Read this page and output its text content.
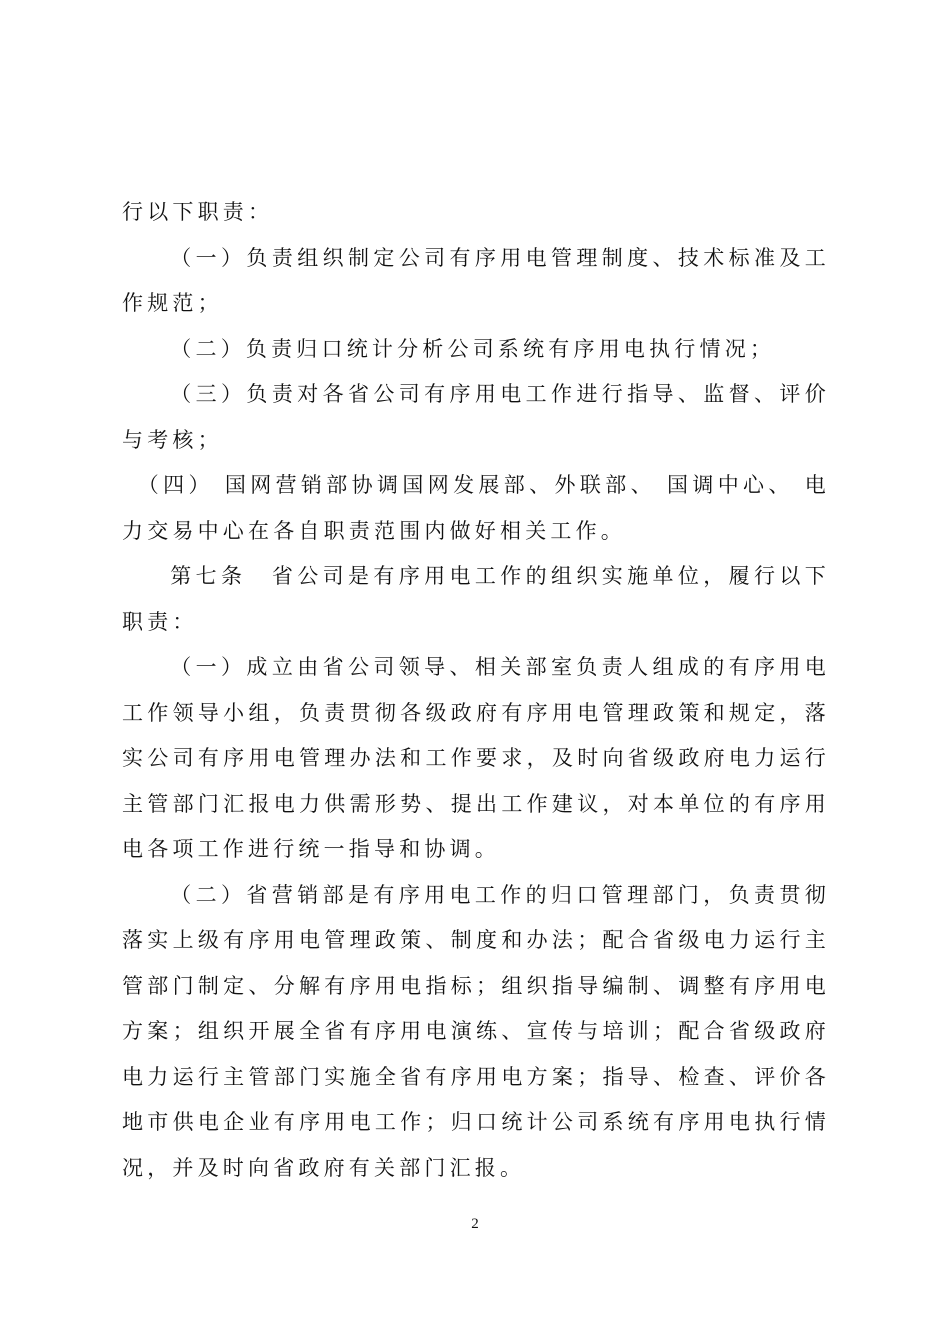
行以下职责：

（一）负责组织制定公司有序用电管理制度、技术标准及工作规范；

（二）负责归口统计分析公司系统有序用电执行情况；

（三）负责对各省公司有序用电工作进行指导、监督、评价与考核；

（四） 国网营销部协调国网发展部、外联部、 国调中心、 电力交易中心在各自职责范围内做好相关工作。

第七条　省公司是有序用电工作的组织实施单位，履行以下职责：

（一）成立由省公司领导、相关部室负责人组成的有序用电工作领导小组，负责贯彻各级政府有序用电管理政策和规定，落实公司有序用电管理办法和工作要求，及时向省级政府电力运行主管部门汇报电力供需形势、提出工作建议，对本单位的有序用电各项工作进行统一指导和协调。

（二）省营销部是有序用电工作的归口管理部门，负责贯彻落实上级有序用电管理政策、制度和办法；配合省级电力运行主管部门制定、分解有序用电指标；组织指导编制、调整有序用电方案；组织开展全省有序用电演练、宣传与培训；配合省级政府电力运行主管部门实施全省有序用电方案；指导、检查、评价各地市供电企业有序用电工作；归口统计公司系统有序用电执行情况，并及时向省政府有关部门汇报。

2
